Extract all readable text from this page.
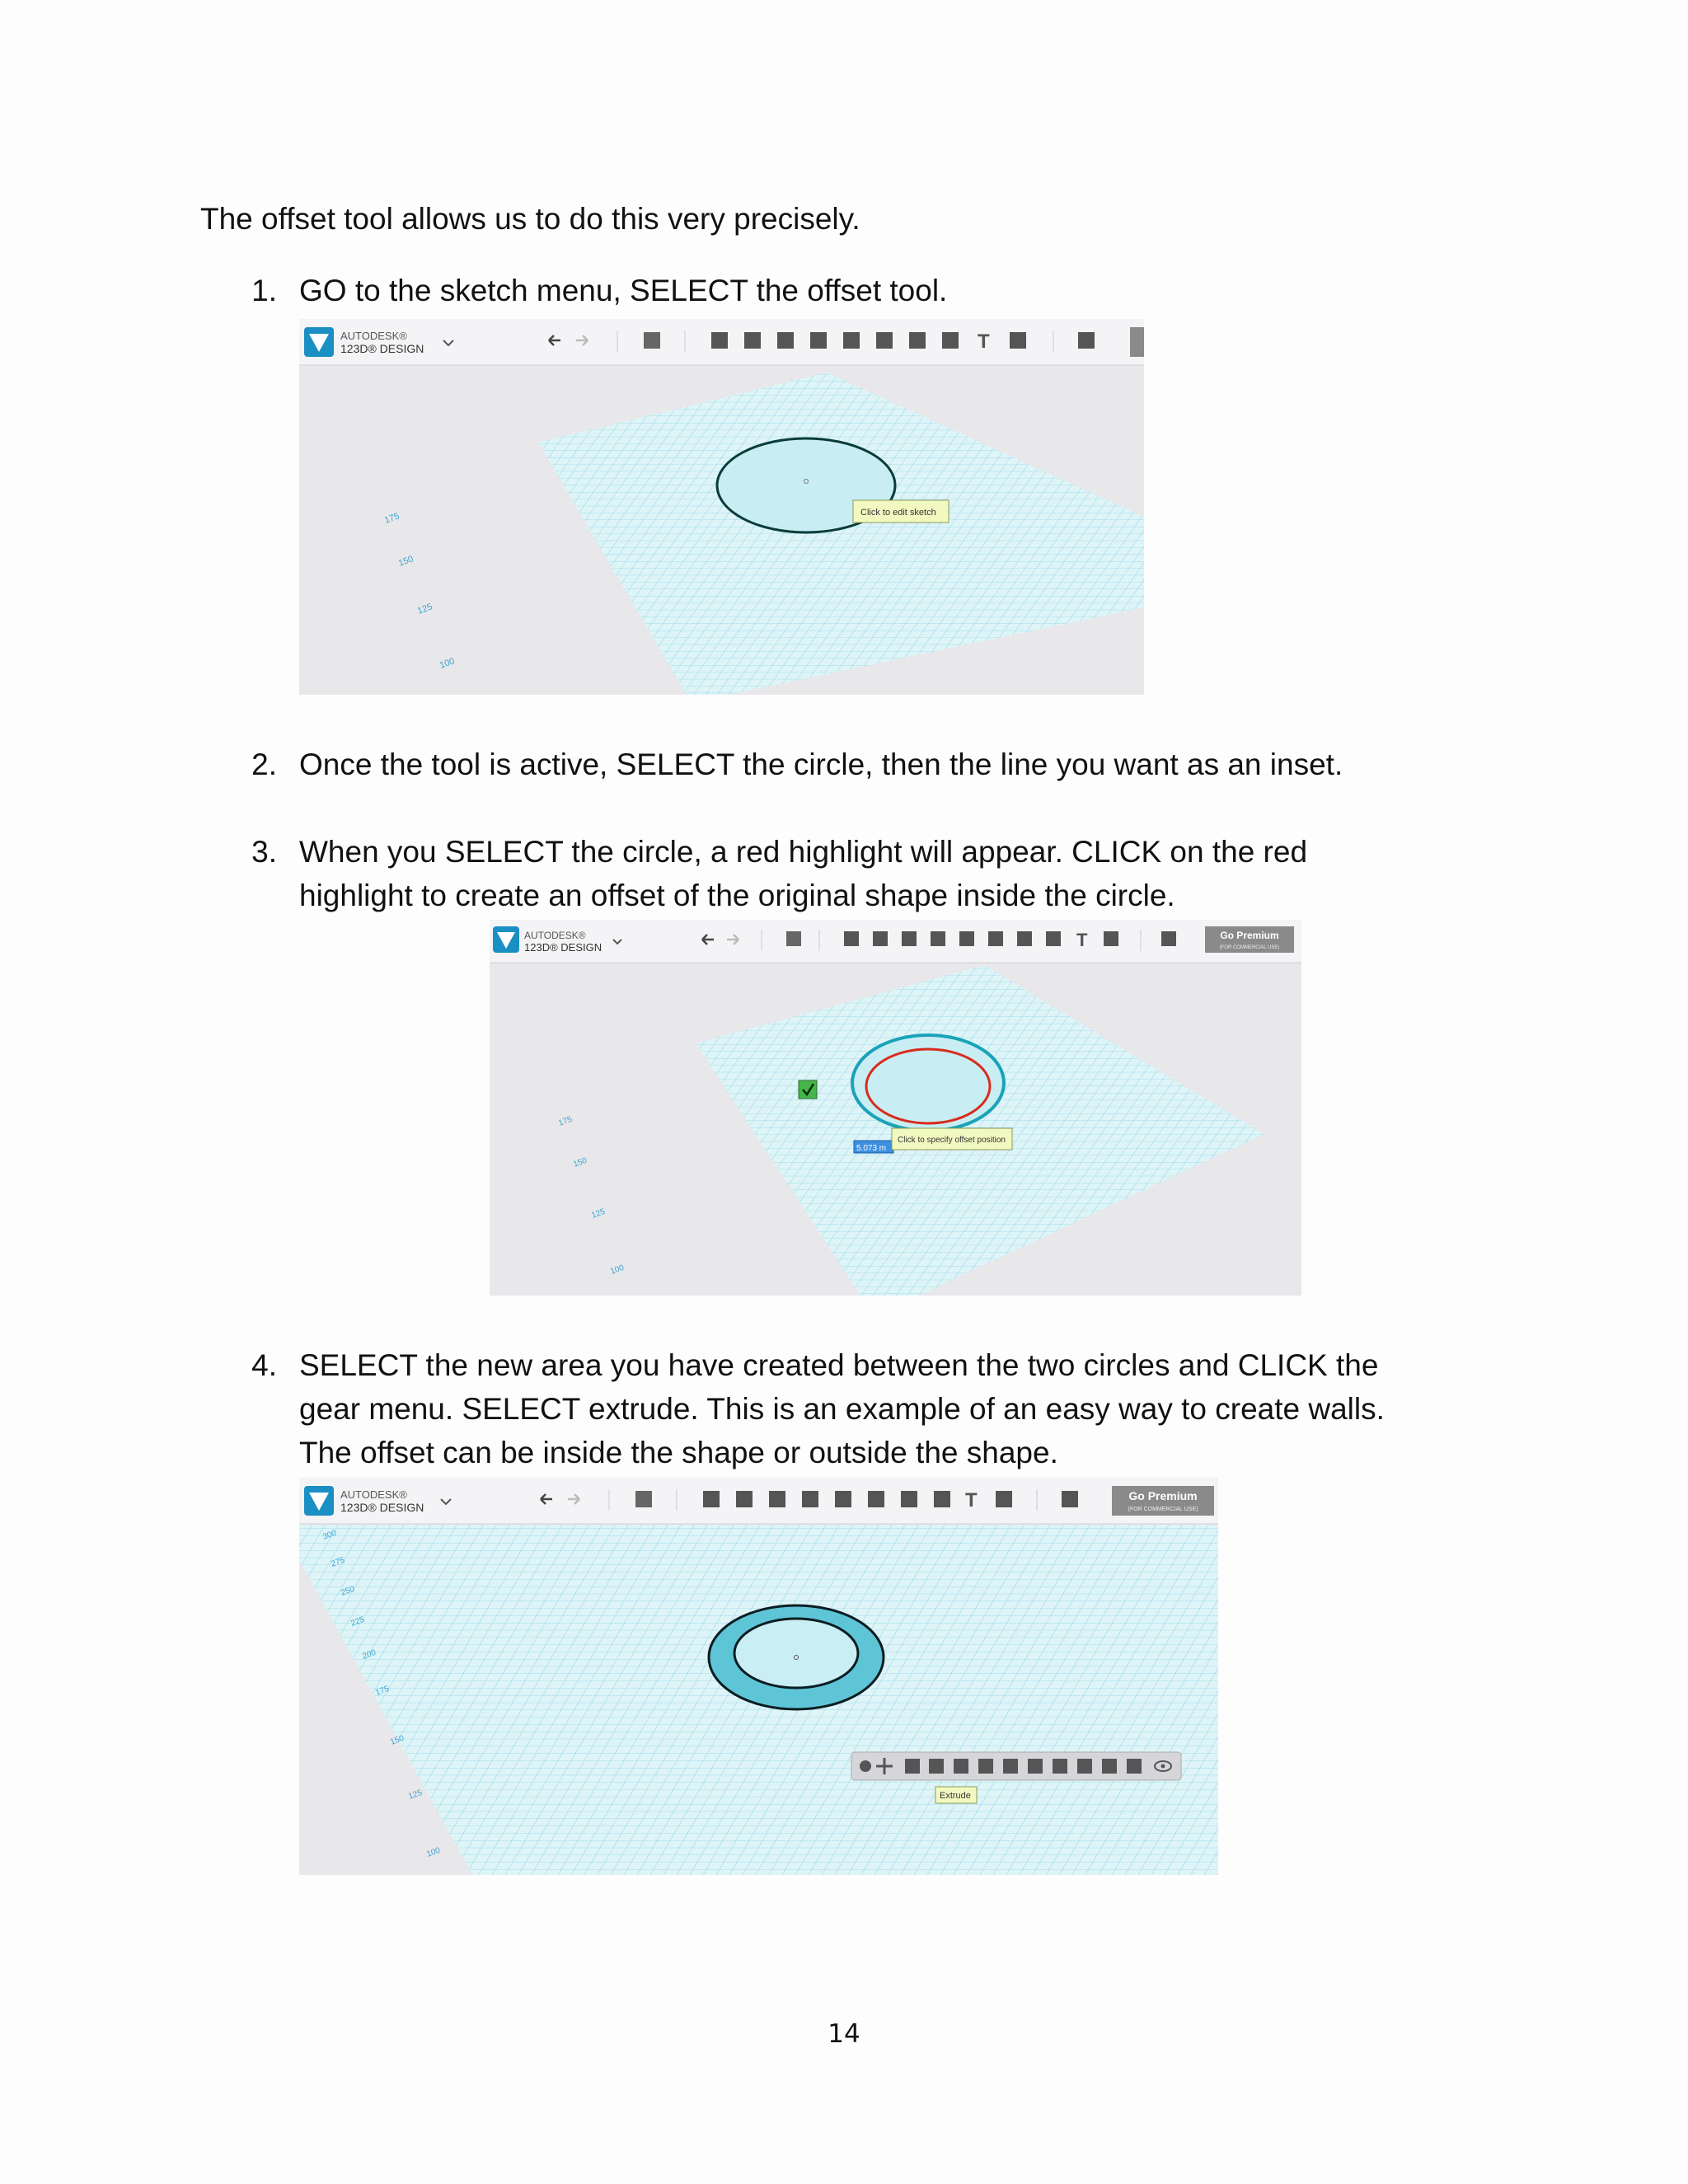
The offset tool allows us to do this very precisely.

1. GO to the sketch menu, SELECT the offset tool.

AUTODESK®
123D® DESIGN	T
Click to edit sketch
175
150
125
100
2. Once the tool is active, SELECT the circle, then the line you want as an inset.

3. When you SELECT the circle, a red highlight will appear. CLICK on the red

highlight to create an offset of the original shape inside the circle.

AUTODESK®
123D® DESIGN	T	Go Premium
(FOR COMMERCIAL USE)
5.073 m
Click to specify offset position
175
150
125
100
4. SELECT the new area you have created between the two circles and CLICK the

gear menu. SELECT extrude. This is an example of an easy way to create walls.

The offset can be inside the shape or outside the shape.

AUTODESK®
123D® DESIGN	T	Go Premium
(FOR COMMERCIAL USE)
Extrude
300
275
250
225
200
175
150
125
100
14
